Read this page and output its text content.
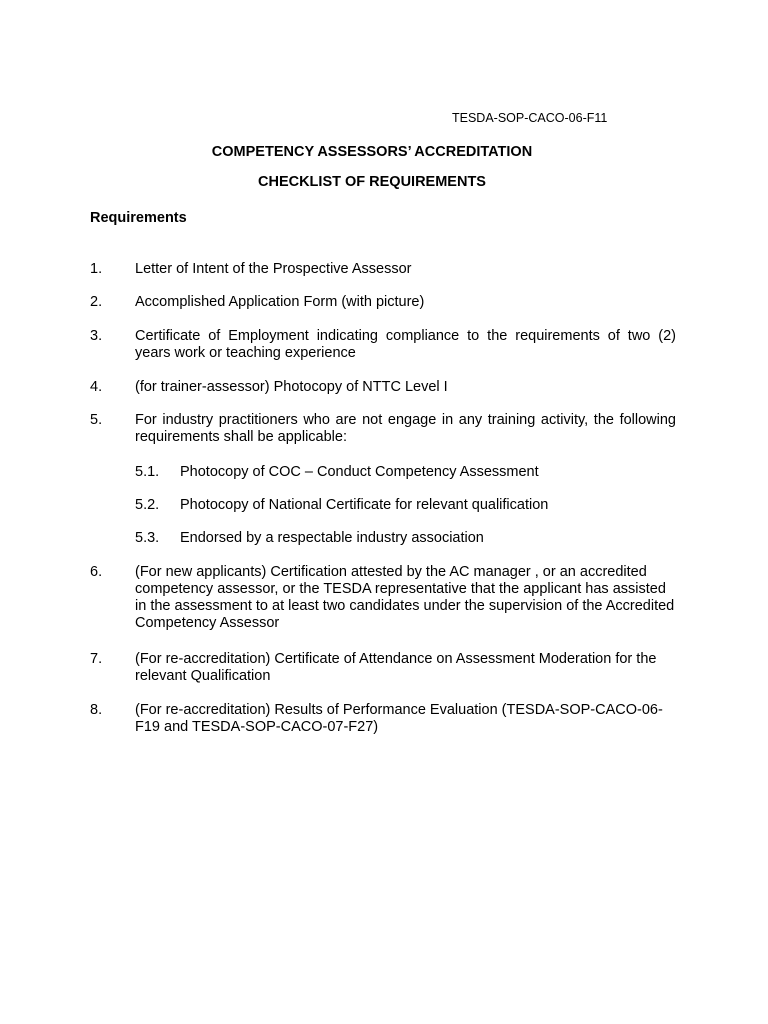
TESDA-SOP-CACO-06-F11
COMPETENCY ASSESSORS’ ACCREDITATION
CHECKLIST OF REQUIREMENTS
Requirements
1. Letter of Intent of the Prospective Assessor
2. Accomplished Application Form (with picture)
3. Certificate of Employment indicating compliance to the requirements of two (2) years work or teaching experience
4. (for trainer-assessor) Photocopy of NTTC Level I
5. For industry practitioners who are not engage in any training activity, the following requirements shall be applicable:
5.1. Photocopy of COC – Conduct Competency Assessment
5.2. Photocopy of National Certificate for relevant qualification
5.3. Endorsed by a respectable industry association
6. (For new applicants) Certification attested by the AC manager , or an accredited competency assessor, or the TESDA representative that the applicant has assisted in the assessment to at least two candidates under the supervision of the Accredited Competency Assessor
7. (For re-accreditation) Certificate of Attendance on Assessment Moderation for the relevant Qualification
8. (For re-accreditation) Results of Performance Evaluation (TESDA-SOP-CACO-06-F19 and TESDA-SOP-CACO-07-F27)
